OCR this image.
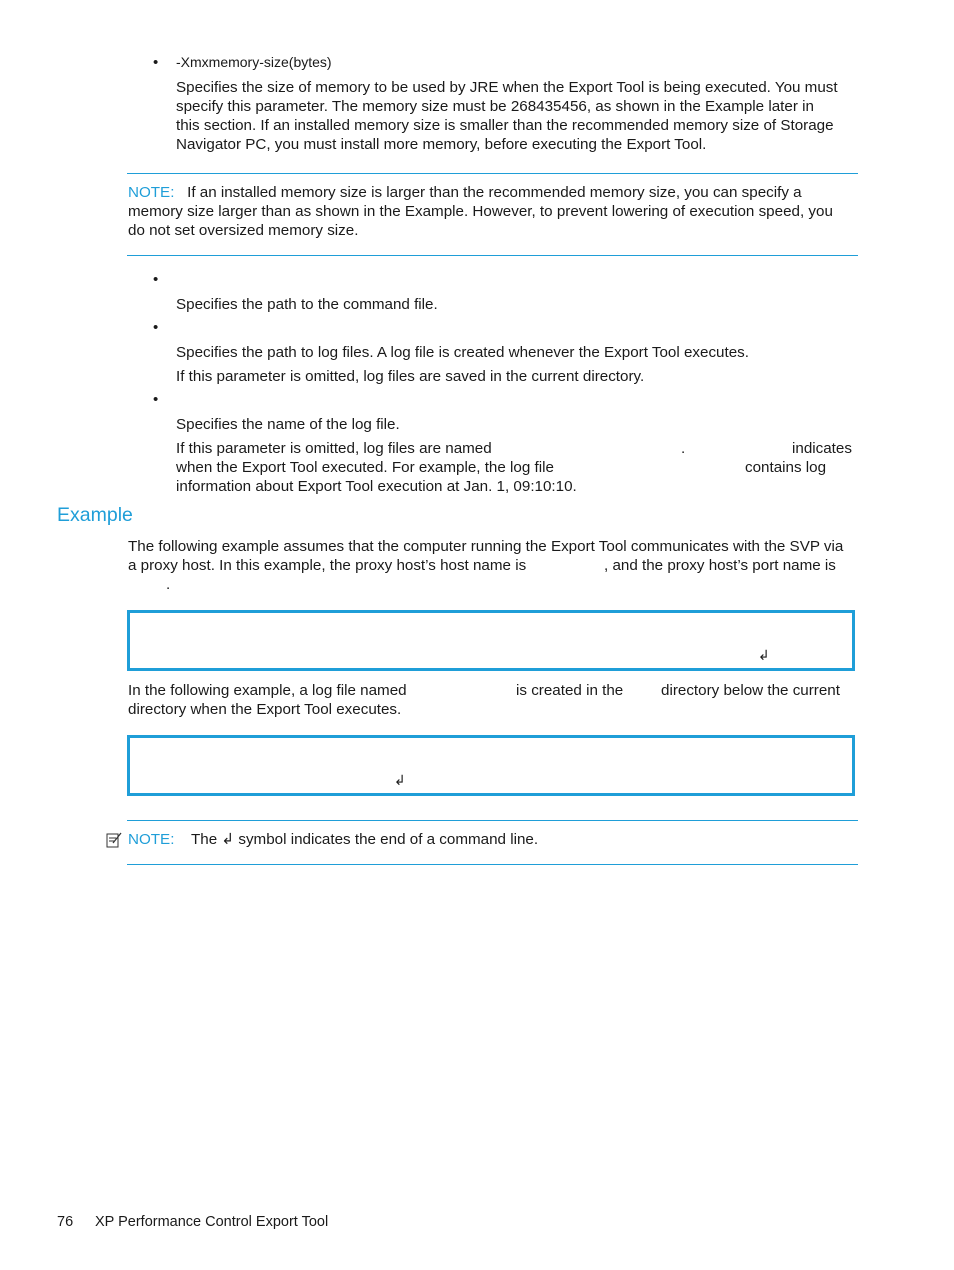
• -Xmxmemory-size(bytes)
Specifies the size of memory to be used by JRE when the Export Tool is being executed. You must
specify this parameter. The memory size must be 268435456, as shown in the Example later in
this section. If an installed memory size is smaller than the recommended memory size of Storage
Navigator PC, you must install more memory, before executing the Export Tool.
NOTE: If an installed memory size is larger than the recommended memory size, you can specify a
memory size larger than as shown in the Example. However, to prevent lowering of execution speed, you
do not set oversized memory size.
•
Specifies the path to the command file.
•
Specifies the path to log files. A log file is created whenever the Export Tool executes.
If this parameter is omitted, log files are saved in the current directory.
•
Specifies the name of the log file.
If this parameter is omitted, log files are named	.	indicates
when the Export Tool executed. For example, the log file	contains log
information about Export Tool execution at Jan. 1, 09:10:10.
Example
The following example assumes that the computer running the Export Tool communicates with the SVP via
a proxy host. In this example, the proxy host’s host name is	, and the proxy host’s port name is
.
↲
In the following example, a log file named	is created in the directory below the current
directory when the Export Tool executes.
↲
NOTE: The ↲ symbol indicates the end of a command line.
76 XP Performance Control Export Tool
